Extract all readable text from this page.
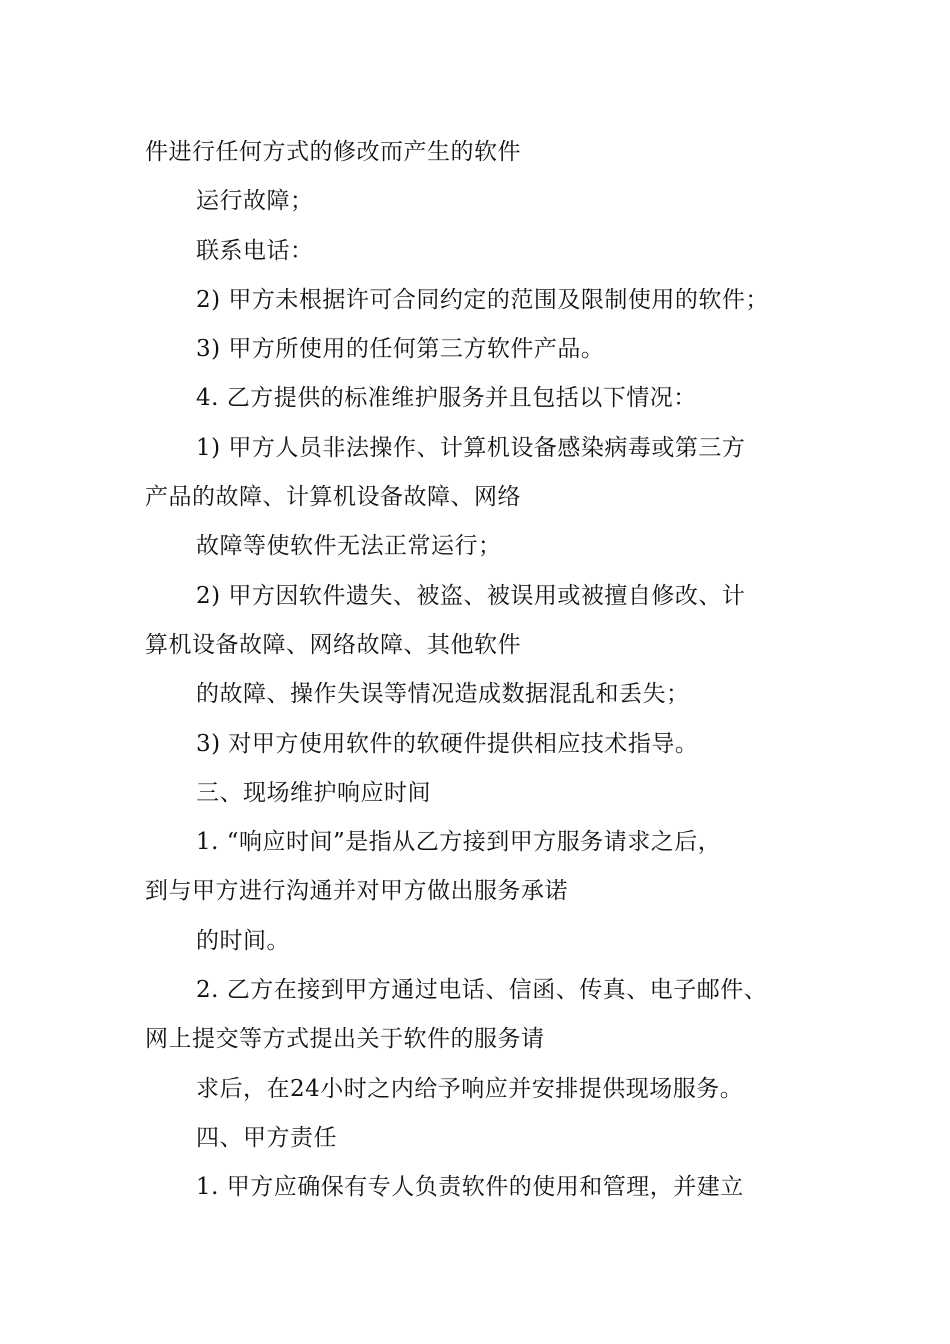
件进行任何方式的修改而产生的软件
运行故障；
联系电话：
2) 甲方未根据许可合同约定的范围及限制使用的软件；
3) 甲方所使用的任何第三方软件产品。
4. 乙方提供的标准维护服务并且包括以下情况：
1) 甲方人员非法操作、计算机设备感染病毒或第三方
产品的故障、计算机设备故障、网络
故障等使软件无法正常运行；
2) 甲方因软件遗失、被盗、被误用或被擅自修改、计
算机设备故障、网络故障、其他软件
的故障、操作失误等情况造成数据混乱和丢失；
3) 对甲方使用软件的软硬件提供相应技术指导。
三、现场维护响应时间
1. “响应时间”是指从乙方接到甲方服务请求之后，
到与甲方进行沟通并对甲方做出服务承诺
的时间。
2. 乙方在接到甲方通过电话、信函、传真、电子邮件、
网上提交等方式提出关于软件的服务请
求后，在24小时之内给予响应并安排提供现场服务。
四、甲方责任
1. 甲方应确保有专人负责软件的使用和管理，并建立
